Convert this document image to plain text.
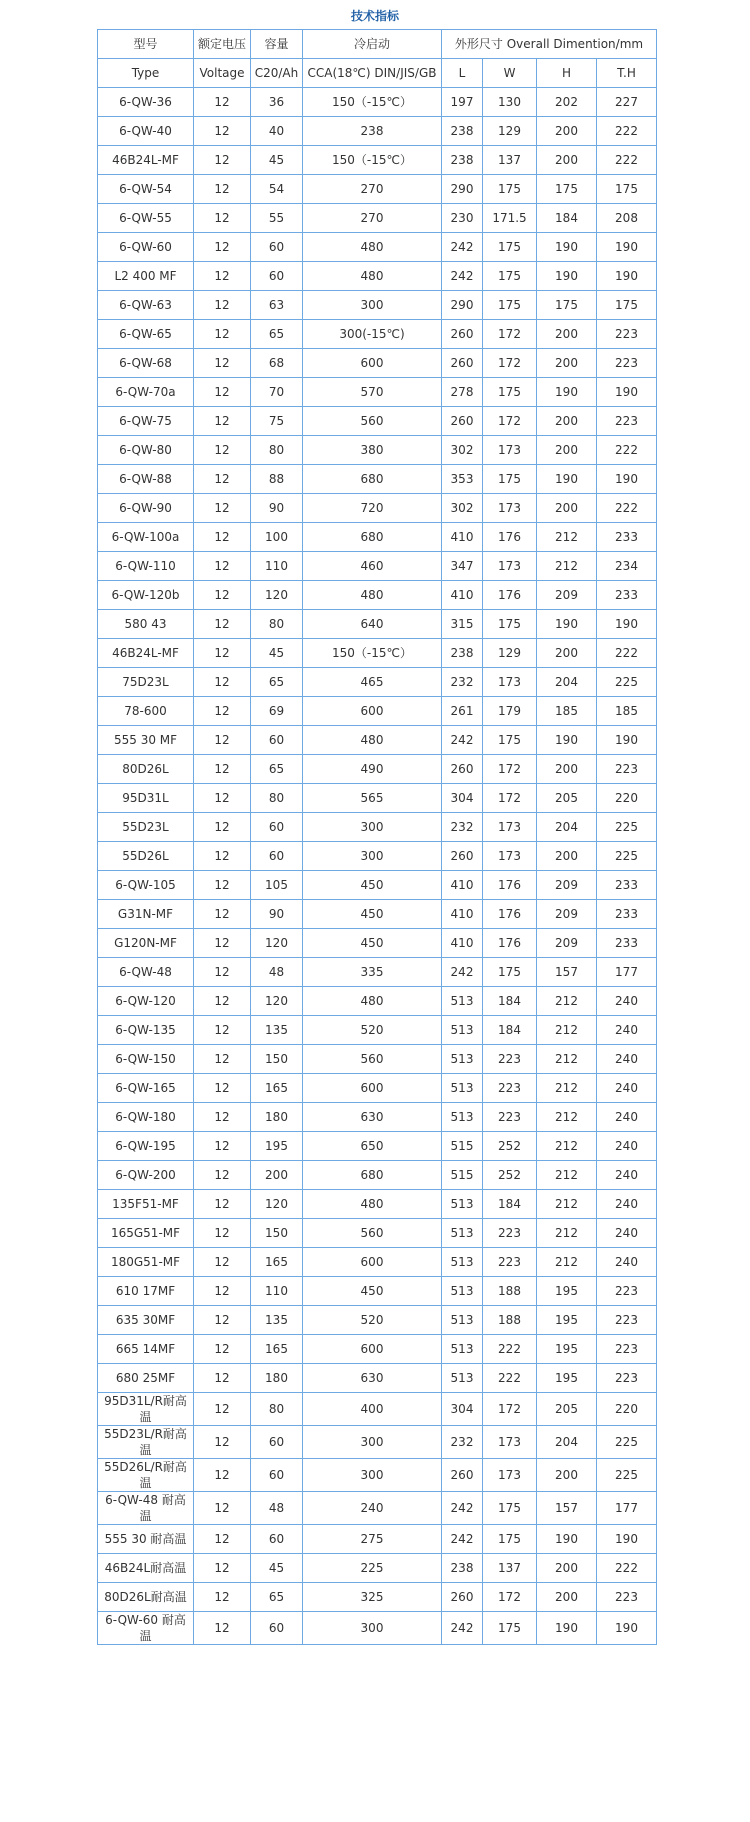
技术指标
型号	额定电压	容量	冷启动	外形尺寸 Overall Dimention/mm			
Type	Voltage	C20/Ah	CCA(18℃) DIN/JIS/GB	L	W	H	T.H
6-QW-36	12	36	150（-15℃）	197	130	202	227
6-QW-40	12	40	238	238	129	200	222
46B24L-MF	12	45	150（-15℃）	238	137	200	222
6-QW-54	12	54	270	290	175	175	175
6-QW-55	12	55	270	230	171.5	184	208
6-QW-60	12	60	480	242	175	190	190
L2 400 MF	12	60	480	242	175	190	190
6-QW-63	12	63	300	290	175	175	175
6-QW-65	12	65	300(-15℃)	260	172	200	223
6-QW-68	12	68	600	260	172	200	223
6-QW-70a	12	70	570	278	175	190	190
6-QW-75	12	75	560	260	172	200	223
6-QW-80	12	80	380	302	173	200	222
6-QW-88	12	88	680	353	175	190	190
6-QW-90	12	90	720	302	173	200	222
6-QW-100a	12	100	680	410	176	212	233
6-QW-110	12	110	460	347	173	212	234
6-QW-120b	12	120	480	410	176	209	233
580 43	12	80	640	315	175	190	190
46B24L-MF	12	45	150（-15℃）	238	129	200	222
75D23L	12	65	465	232	173	204	225
78-600	12	69	600	261	179	185	185
555 30 MF	12	60	480	242	175	190	190
80D26L	12	65	490	260	172	200	223
95D31L	12	80	565	304	172	205	220
55D23L	12	60	300	232	173	204	225
55D26L	12	60	300	260	173	200	225
6-QW-105	12	105	450	410	176	209	233
G31N-MF	12	90	450	410	176	209	233
G120N-MF	12	120	450	410	176	209	233
6-QW-48	12	48	335	242	175	157	177
6-QW-120	12	120	480	513	184	212	240
6-QW-135	12	135	520	513	184	212	240
6-QW-150	12	150	560	513	223	212	240
6-QW-165	12	165	600	513	223	212	240
6-QW-180	12	180	630	513	223	212	240
6-QW-195	12	195	650	515	252	212	240
6-QW-200	12	200	680	515	252	212	240
135F51-MF	12	120	480	513	184	212	240
165G51-MF	12	150	560	513	223	212	240
180G51-MF	12	165	600	513	223	212	240
610 17MF	12	110	450	513	188	195	223
635 30MF	12	135	520	513	188	195	223
665 14MF	12	165	600	513	222	195	223
680 25MF	12	180	630	513	222	195	223
95D31L/R耐高温	12	80	400	304	172	205	220
55D23L/R耐高温	12	60	300	232	173	204	225
55D26L/R耐高温	12	60	300	260	173	200	225
6-QW-48 耐高温	12	48	240	242	175	157	177
555 30 耐高温	12	60	275	242	175	190	190
46B24L耐高温	12	45	225	238	137	200	222
80D26L耐高温	12	65	325	260	172	200	223
6-QW-60 耐高温	12	60	300	242	175	190	190
